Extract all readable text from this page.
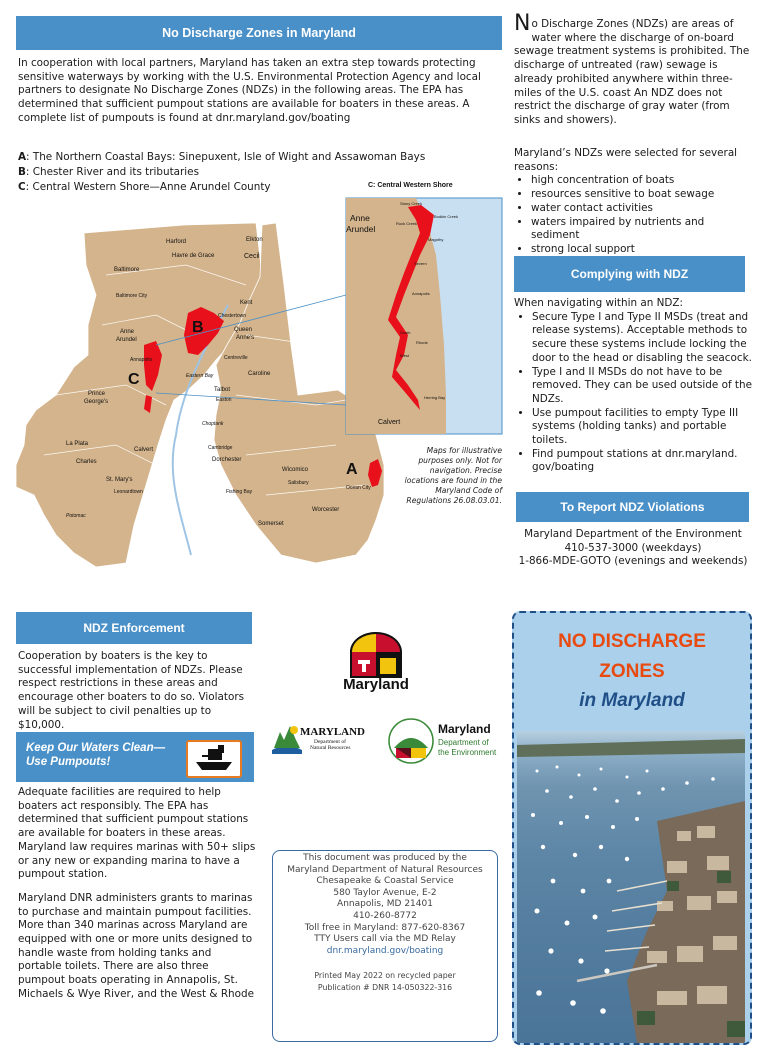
No Discharge Zones in Maryland
In cooperation with local partners, Maryland has taken an extra step towards protecting sensitive waterways by working with the U.S. Environmental Protection Agency and local partners to designate No Discharge Zones (NDZs) in the following areas. The EPA has determined that sufficient pumpout stations are available for boaters in these areas. A complete list of pumpouts is found at dnr.maryland.gov/boating
A: The Northern Coastal Bays: Sinepuxent, Isle of Wight and Assawoman Bays
B: Chester River and its tributaries
C: Central Western Shore—Anne Arundel County
Harford	Elkton
Havre de Grace	Cecil
Baltimore
Baltimore City
Kent
Chestertown
Queen
Anne's
Anne
Arundel
Annapolis	Centreville
Caroline
Prince
George's
Talbot
Easton
Eastern Bay
Choptank
Calvert
La Plata
Charles
Cambridge
Dorchester
St. Mary's
Leonardtown	Fishing Bay
Wicomico
Salisbury
Ocean City
Worcester
Somerset
Potomac
A
B
C
C: Central Western Shore
Anne
Arundel
Calvert
Stony Creek
Bodkin Creek
Rock Creek
Magothy
Severn
Annapolis
South
Rhode
West
Herring Bay
Maps for illustrative purposes only. Not for navigation. Precise locations are found in the Maryland Code of Regulations 26.08.03.01.
No Discharge Zones (NDZs) are areas of water where the discharge of on-board sewage treatment systems is prohibited. The discharge of untreated (raw) sewage is already prohibited anywhere within three-miles of the U.S. coast An NDZ does not restrict the discharge of gray water (from sinks and showers).
Maryland’s NDZs were selected for several reasons:
• high concentration of boats
• resources sensitive to boat sewage
• water contact activities
• waters impaired by nutrients and sediment
• strong local support
Complying with NDZ
When navigating within an NDZ:
• Secure Type I and Type II MSDs (treat and release systems). Acceptable methods to secure these systems include locking the door to the head or disabling the seacock.
• Type I and II MSDs do not have to be removed. They can be used outside of the NDZs.
• Use pumpout facilities to empty Type III systems (holding tanks) and portable toilets.
• Find pumpout stations at dnr.maryland. gov/boating
To Report NDZ Violations
Maryland Department of the Environment
410-537-3000 (weekdays)
1-866-MDE-GOTO (evenings and weekends)
NDZ Enforcement
Cooperation by boaters is the key to successful implementation of NDZs. Please respect restrictions in these areas and encourage other boaters to do so. Violators will be subject to civil penalties up to $10,000.
Keep Our Waters Clean— Use Pumpouts!

Adequate facilities are required to help boaters act responsibly. The EPA has determined that sufficient pumpout stations are available for boaters in these areas. Maryland law requires marinas with 50+ slips or any new or expanding marina to have a pumpout station.

Maryland DNR administers grants to marinas to purchase and maintain pumpout facilities. More than 340 marinas across Maryland are equipped with one or more units designed to handle waste from holding tanks and portable toilets. There are also three pumpout boats operating in Annapolis, St. Michaels & Wye River, and the West & Rhode

Maryland
MARYLAND
Department of
Natural Resources
Maryland
Department of
the Environment
This document was produced by the
Maryland Department of Natural Resources
Chesapeake & Coastal Service
580 Taylor Avenue, E-2
Annapolis, MD 21401
410-260-8772
Toll free in Maryland: 877-620-8367
TTY Users call via the MD Relay
dnr.maryland.gov/boating
Printed May 2022 on recycled paper
Publication # DNR 14-050322-316
NO DISCHARGE
ZONES
in Maryland
